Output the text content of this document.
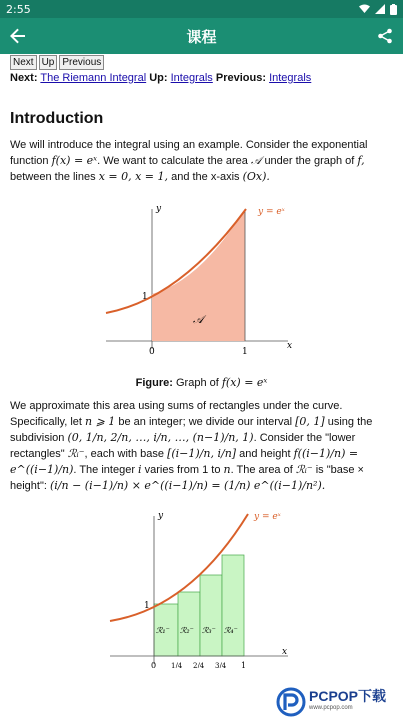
2:55
课程
Next Up Previous
Next: The Riemann Integral Up: Integrals Previous: Integrals
Introduction

We will introduce the integral using an example. Consider the exponential function f(x) = eˣ. We want to calculate the area 𝒜 under the graph of f, between the lines x = 0, x = 1, and the x-axis (Ox).

y
x
y = eˣ
𝒜
0	1
1
Figure: Graph of f(x) = eˣ

We approximate this area using sums of rectangles under the curve. Specifically, let n ⩾ 1 be an integer; we divide our interval [0, 1] using the subdivision (0, 1/n, 2/n, …, i/n, …, (n−1)/n, 1). Consider the "lower rectangles" ℛᵢ⁻, each with base [(i−1)/n, i/n] and height f((i−1)/n) = e^((i−1)/n). The integer i varies from 1 to n. The area of ℛᵢ⁻ is "base × height": (i/n − (i−1)/n) × e^((i−1)/n) = (1/n) e^((i−1)/n²).

y
x
y = eˣ
ℛ₁⁻ ℛ₂⁻ ℛ₃⁻ ℛ₄⁻
0 1/4 2/4 3/4 1
1
PCPOP下载
www.pcpop.com
